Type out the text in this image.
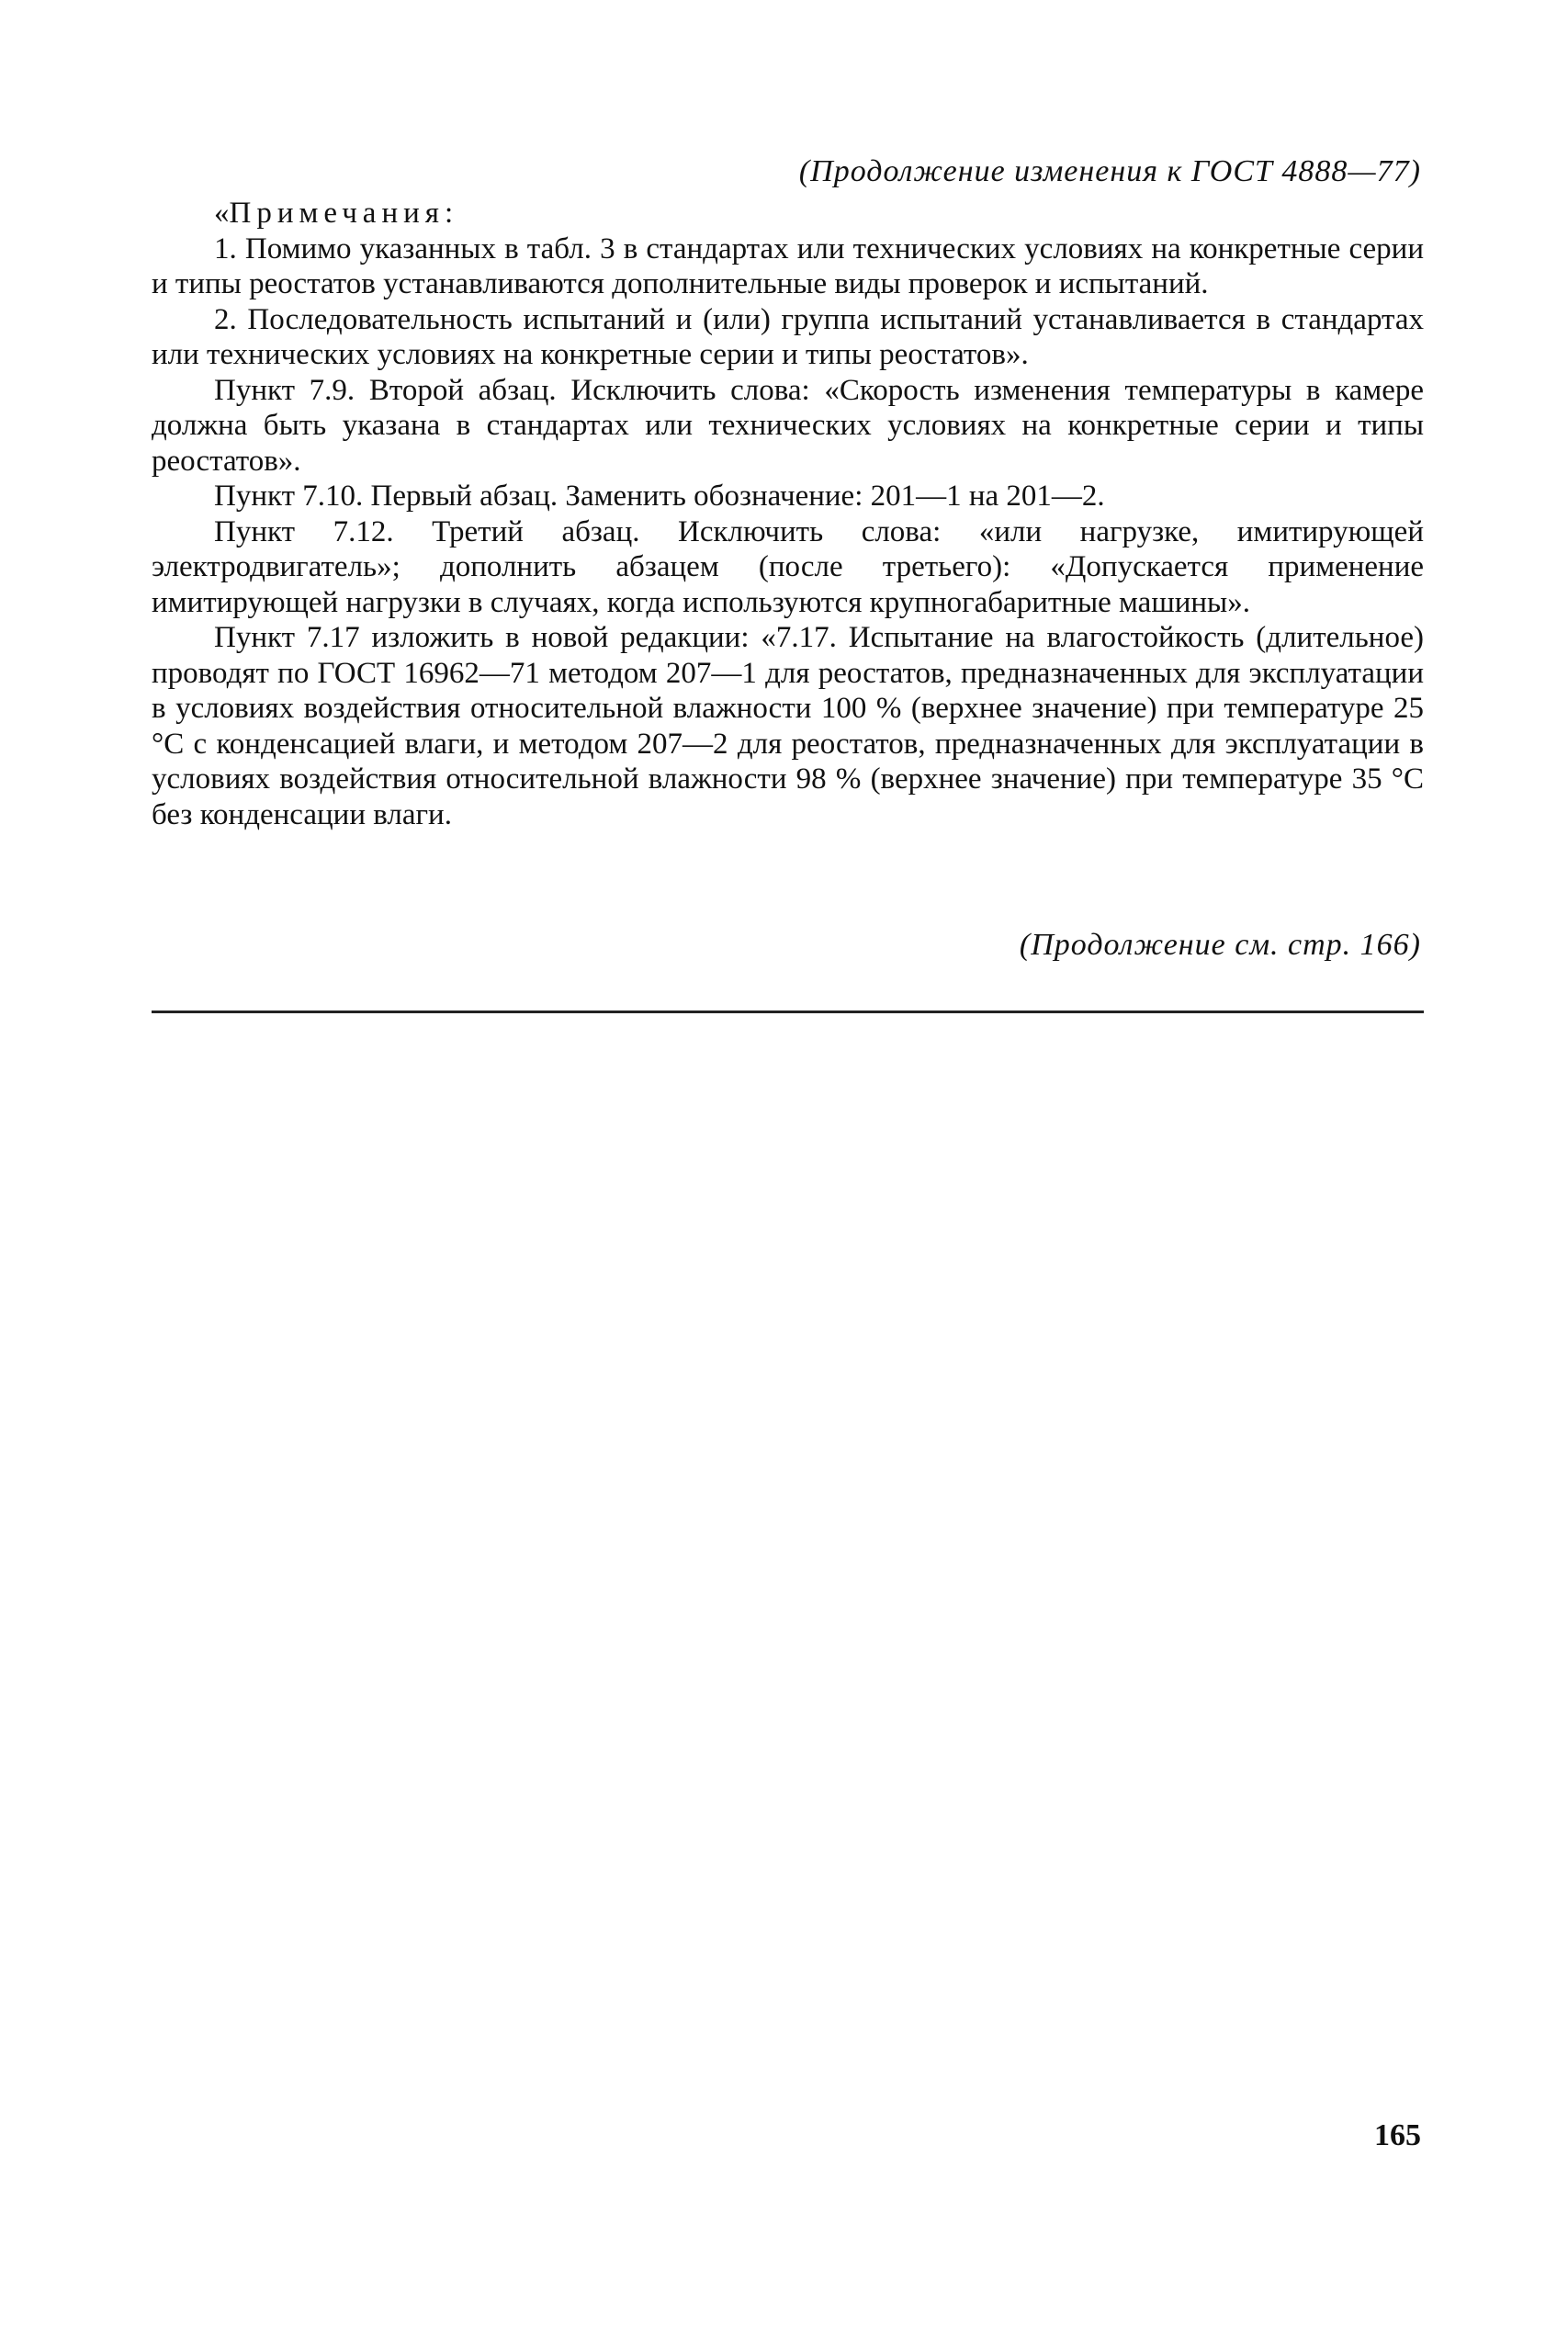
(Продолжение изменения к ГОСТ 4888—77)

«Примечания:

1. Помимо указанных в табл. 3 в стандартах или технических условиях на конкретные серии и типы реостатов устанавливаются дополнительные виды проверок и испытаний.

2. Последовательность испытаний и (или) группа испытаний устанавливается в стандартах или технических условиях на конкретные серии и типы реостатов».

Пункт 7.9. Второй абзац. Исключить слова: «Скорость изменения температуры в камере должна быть указана в стандартах или технических условиях на конкретные серии и типы реостатов».

Пункт 7.10. Первый абзац. Заменить обозначение: 201—1 на 201—2.

Пункт 7.12. Третий абзац. Исключить слова: «или нагрузке, имитирующей электродвигатель»; дополнить абзацем (после третьего): «Допускается применение имитирующей нагрузки в случаях, когда используются крупногабаритные машины».

Пункт 7.17 изложить в новой редакции: «7.17. Испытание на влагостойкость (длительное) проводят по ГОСТ 16962—71 методом 207—1 для реостатов, предназначенных для эксплуатации в условиях воздействия относительной влажности 100 % (верхнее значение) при температуре 25 °С с конденсацией влаги, и методом 207—2 для реостатов, предназначенных для эксплуатации в условиях воздействия относительной влажности 98 % (верхнее значение) при температуре 35 °С без конденсации влаги.

(Продолжение см. стр. 166)
165
